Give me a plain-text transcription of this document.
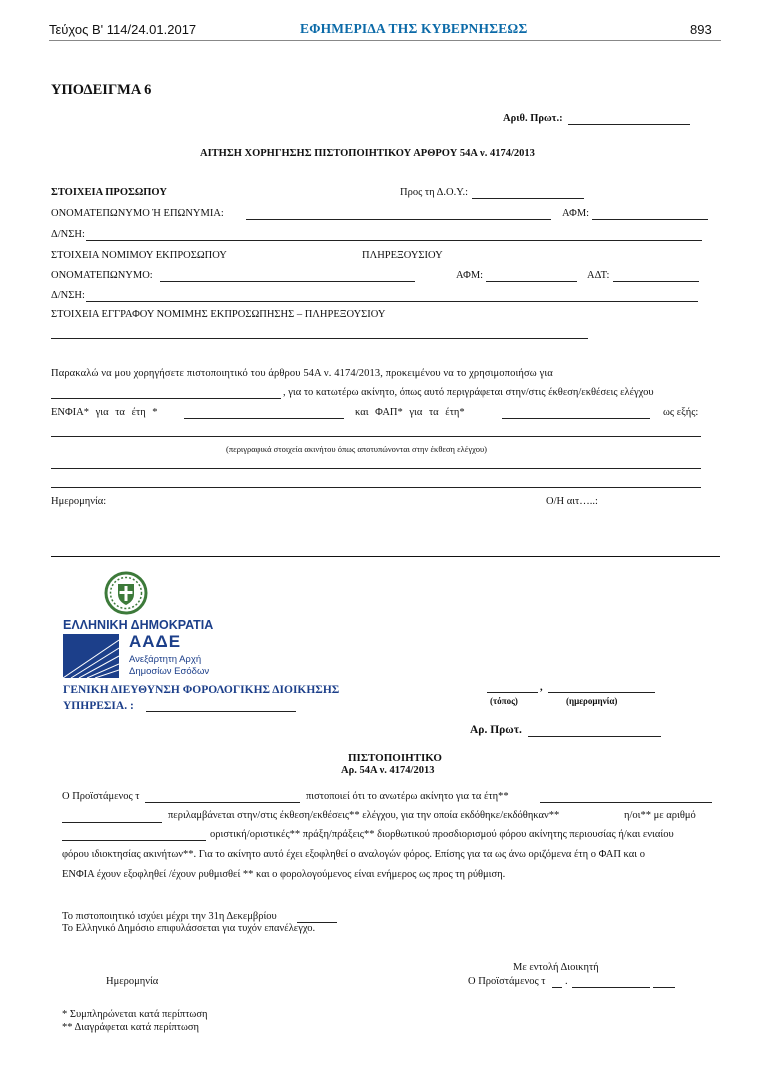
Τεύχος Β' 114/24.01.2017	ΕΦΗΜΕΡΙΔΑ ΤΗΣ ΚΥΒΕΡΝΗΣΕΩΣ	893
ΥΠΟΔΕΙΓΜΑ 6
Αριθ. Πρωτ.:
ΑΙΤΗΣΗ ΧΟΡΗΓΗΣΗΣ ΠΙΣΤΟΠΟΙΗΤΙΚΟΥ ΑΡΘΡΟΥ 54Α ν. 4174/2013
ΣΤΟΙΧΕΙΑ ΠΡΟΣΩΠΟΥ	Προς τη Δ.Ο.Υ.:
ΟΝΟΜΑΤΕΠΩΝΥΜΟ Ή ΕΠΩΝΥΜΙΑ:	ΑΦΜ:
Δ/ΝΣΗ:
ΣΤΟΙΧΕΙΑ ΝΟΜΙΜΟΥ ΕΚΠΡΟΣΩΠΟΥ	ΠΛΗΡΕΞΟΥΣΙΟΥ
ΟΝΟΜΑΤΕΠΩΝΥΜΟ:	ΑΦΜ:	ΑΔΤ:
Δ/ΝΣΗ:
ΣΤΟΙΧΕΙΑ ΕΓΓΡΑΦΟΥ ΝΟΜΙΜΗΣ ΕΚΠΡΟΣΩΠΗΣΗΣ – ΠΛΗΡΕΞΟΥΣΙΟΥ
Παρακαλώ να μου χορηγήσετε πιστοποιητικό του άρθρου 54Α ν. 4174/2013, προκειμένου να το χρησιμοποιήσω για
, για το κατωτέρω ακίνητο, όπως αυτό περιγράφεται στην/στις έκθεση/εκθέσεις ελέγχου
ΕΝΦΙΑ* για τα έτη *	και ΦΑΠ* για τα έτη*	ως εξής:
(περιγραφικά στοιχεία ακινήτου όπως αποτυπώνονται στην έκθεση ελέγχου)
Ημερομηνία:	Ο/Η αιτ…..:
ΕΛΛΗΝΙΚΗ ΔΗΜΟΚΡΑΤΙΑ
ΑΑΔΕ
Ανεξάρτητη Αρχή
Δημοσίων Εσόδων
ΓΕΝΙΚΗ ΔΙΕΥΘΥΝΣΗ ΦΟΡΟΛΟΓΙΚΗΣ ΔΙΟΙΚΗΣΗΣ
ΥΠΗΡΕΣΙΑ. :
,
(τόπος)	(ημερομηνία)
Αρ. Πρωτ.
ΠΙΣΤΟΠΟΙΗΤΙΚΟ
Αρ. 54Α ν. 4174/2013
Ο Προϊστάμενος τ	πιστοποιεί ότι το ανωτέρω ακίνητο για τα έτη**
περιλαμβάνεται στην/στις έκθεση/εκθέσεις** ελέγχου, για την οποία εκδόθηκε/εκδόθηκαν**	η/οι** με αριθμό
οριστική/οριστικές** πράξη/πράξεις** διορθωτικού προσδιορισμού φόρου ακίνητης περιουσίας ή/και ενιαίου
φόρου ιδιοκτησίας ακινήτων**. Για το ακίνητο αυτό έχει εξοφληθεί ο αναλογών φόρος. Επίσης για τα ως άνω οριζόμενα έτη ο ΦΑΠ και ο
ΕΝΦΙΑ έχουν εξοφληθεί /έχουν ρυθμισθεί ** και ο φορολογούμενος είναι ενήμερος ως προς τη ρύθμιση.
Το πιστοποιητικό ισχύει μέχρι την 31η Δεκεμβρίου
Το Ελληνικό Δημόσιο επιφυλάσσεται για τυχόν επανέλεγχο.
Με εντολή Διοικητή
Ημερομηνία	Ο Προϊστάμενος τ .
* Συμπληρώνεται κατά περίπτωση
** Διαγράφεται κατά περίπτωση
